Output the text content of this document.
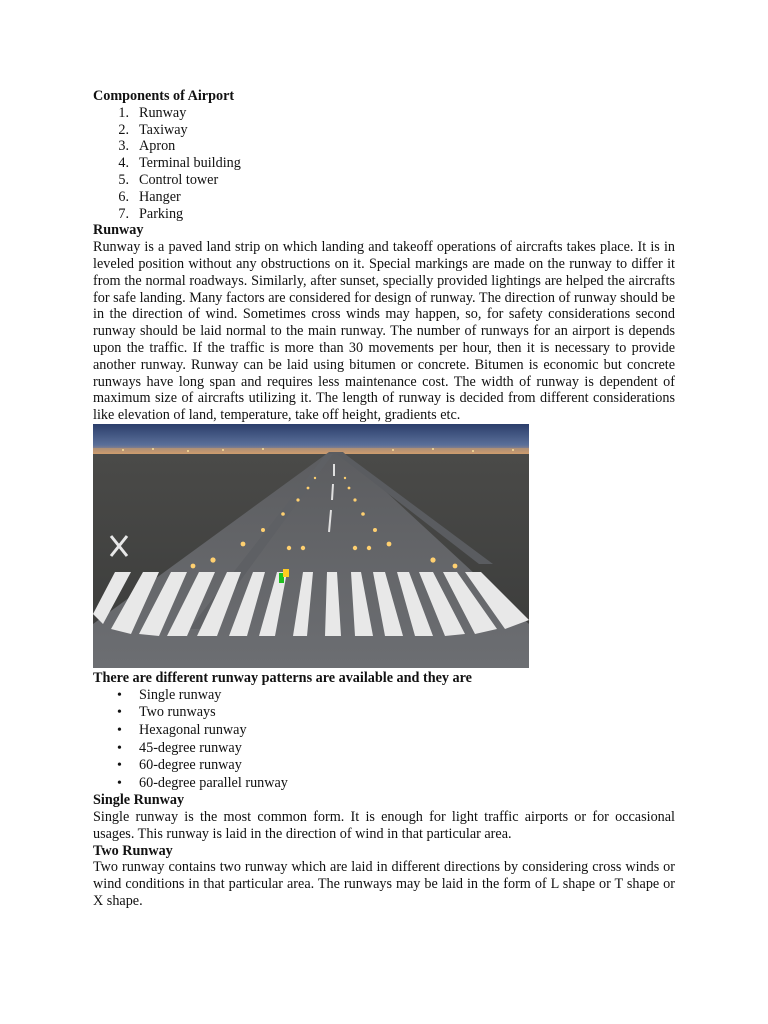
Components of Airport
1. Runway
2. Taxiway
3. Apron
4. Terminal building
5. Control tower
6. Hanger
7. Parking
Runway

Runway is a paved land strip on which landing and takeoff operations of aircrafts takes place. It is in leveled position without any obstructions on it. Special markings are made on the runway to differ it from the normal roadways. Similarly, after sunset, specially provided lightings are helped the aircrafts for safe landing. Many factors are considered for design of runway. The direction of runway should be in the direction of wind. Sometimes cross winds may happen, so, for safety considerations second runway should be laid normal to the main runway. The number of runways for an airport is depends upon the traffic. If the traffic is more than 30 movements per hour, then it is necessary to provide another runway. Runway can be laid using bitumen or concrete. Bitumen is economic but concrete runways have long span and requires less maintenance cost. The width of runway is dependent of maximum size of aircrafts utilizing it. The length of runway is decided from different considerations like elevation of land, temperature, take off height, gradients etc.

There are different runway patterns are available and they are
• Single runway
• Two runways
• Hexagonal runway
• 45-degree runway
• 60-degree runway
• 60-degree parallel runway
Single Runway

Single runway is the most common form. It is enough for light traffic airports or for occasional usages. This runway is laid in the direction of wind in that particular area.

Two Runway

Two runway contains two runway which are laid in different directions by considering cross winds or wind conditions in that particular area. The runways may be laid in the form of L shape or T shape or X shape.
